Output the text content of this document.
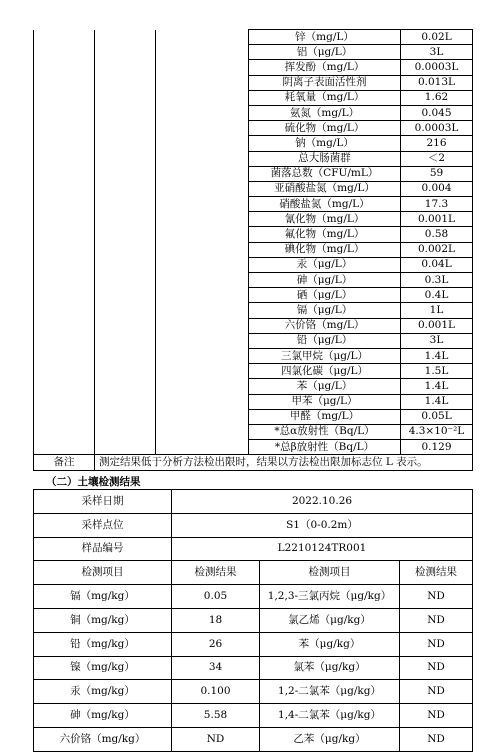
			锌（mg/L）	0.02L
			铝（μg/L）	3L
			挥发酚（mg/L）	0.0003L
			阴离子表面活性剂	0.013L
			耗氧量（mg/L）	1.62
			氨氮（mg/L）	0.045
			硫化物（mg/L）	0.0003L
			钠（mg/L）	216
			总大肠菌群	＜2
			菌落总数（CFU/mL）	59
			亚硝酸盐氮（mg/L）	0.004
			硝酸盐氮（mg/L）	17.3
			氰化物（mg/L）	0.001L
			氟化物（mg/L）	0.58
			碘化物（mg/L）	0.002L
			汞（μg/L）	0.04L
			砷（μg/L）	0.3L
			硒（μg/L）	0.4L
			镉（μg/L）	1L
			六价铬（mg/L）	0.001L
			铅（μg/L）	3L
			三氯甲烷（μg/L）	1.4L
			四氯化碳（μg/L）	1.5L
			苯（μg/L）	1.4L
			甲苯（μg/L）	1.4L
			甲醛（mg/L）	0.05L
			*总α放射性（Bq/L）	4.3×10⁻²L
			*总β放射性（Bq/L）	0.129
备注	测定结果低于分析方法检出限时，结果以方法检出限加标志位 L 表示。			
（二）土壤检测结果
采样日期	2022.10.26		
采样点位	S1（0-0.2m）		
样品编号	L2210124TR001		
检测项目	检测结果	检测项目	检测结果
镉（mg/kg）	0.05	1,2,3-三氯丙烷（μg/kg）	ND
铜（mg/kg）	18	氯乙烯（μg/kg）	ND
铅（mg/kg）	26	苯（μg/kg）	ND
镍（mg/kg）	34	氯苯（μg/kg）	ND
汞（mg/kg）	0.100	1,2-二氯苯（μg/kg）	ND
砷（mg/kg）	5.58	1,4-二氯苯（μg/kg）	ND
六价铬（mg/kg）	ND	乙苯（μg/kg）	ND
